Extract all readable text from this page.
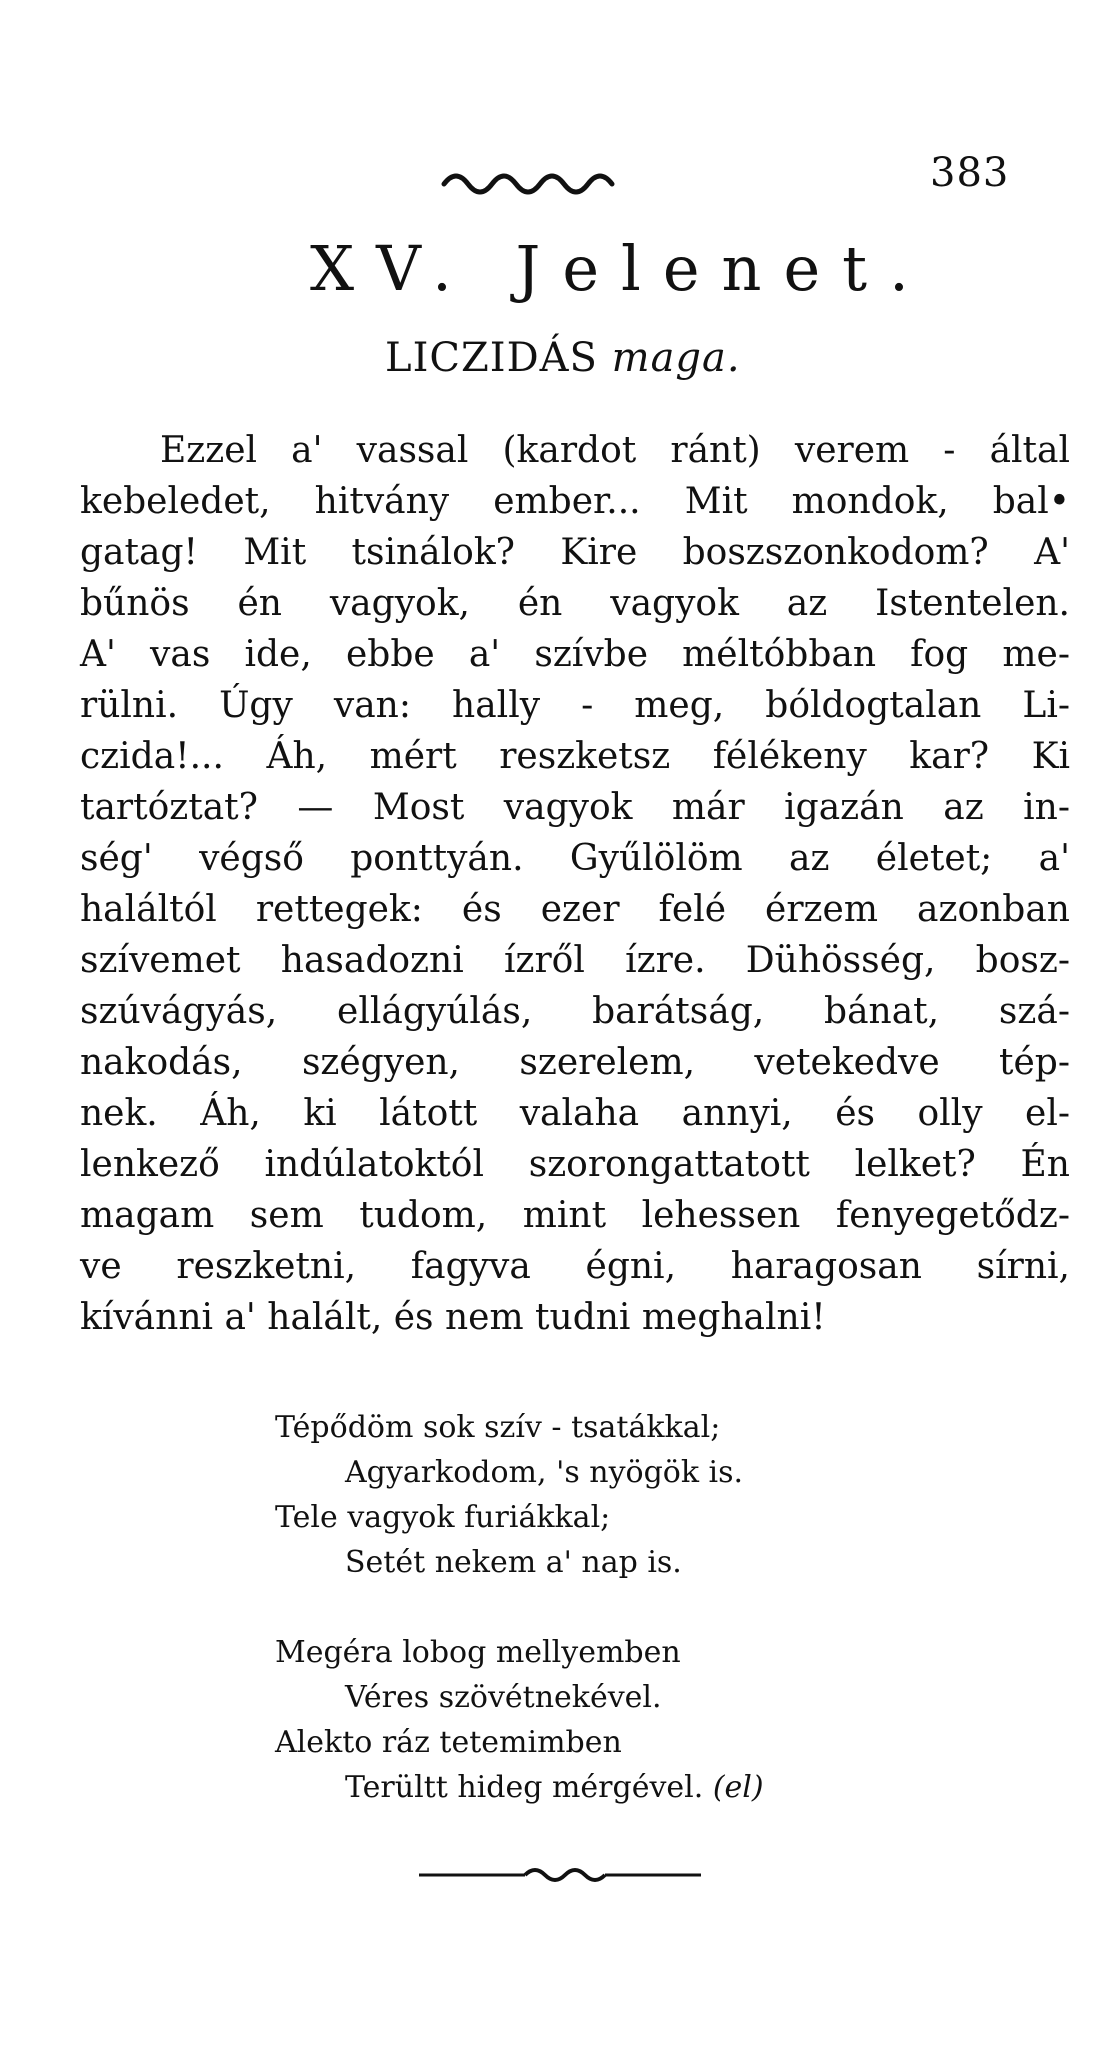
383
XV. Jelenet.
LICZIDÁS maga.
Ezzel a' vassal (kardot ránt) verem - által
kebeledet, hitvány ember... Mit mondok, bal•
gatag! Mit tsinálok? Kire boszszonkodom? A'
bűnös én vagyok, én vagyok az Istentelen.
A' vas ide, ebbe a' szívbe méltóbban fog me-
rülni. Úgy van: hally - meg, bóldogtalan Li-
czida!... Áh, mért reszketsz félékeny kar? Ki
tartóztat? — Most vagyok már igazán az in-
ség' végső ponttyán. Gyűlölöm az életet; a'
haláltól rettegek: és ezer felé érzem azonban
szívemet hasadozni ízről ízre. Dühösség, bosz-
szúvágyás, ellágyúlás, barátság, bánat, szá-
nakodás, szégyen, szerelem, vetekedve tép-
nek. Áh, ki látott valaha annyi, és olly el-
lenkező indúlatoktól szorongattatott lelket? Én
magam sem tudom, mint lehessen fenyegetődz-
ve reszketni, fagyva égni, haragosan sírni,
kívánni a' halált, és nem tudni meghalni!
Tépődöm sok szív - tsatákkal;
Agyarkodom, 's nyögök is.
Tele vagyok furiákkal;
Setét nekem a' nap is.
Megéra lobog mellyemben
Véres szövétnekével.
Alekto ráz tetemimben
Terültt hideg mérgével. (el)
